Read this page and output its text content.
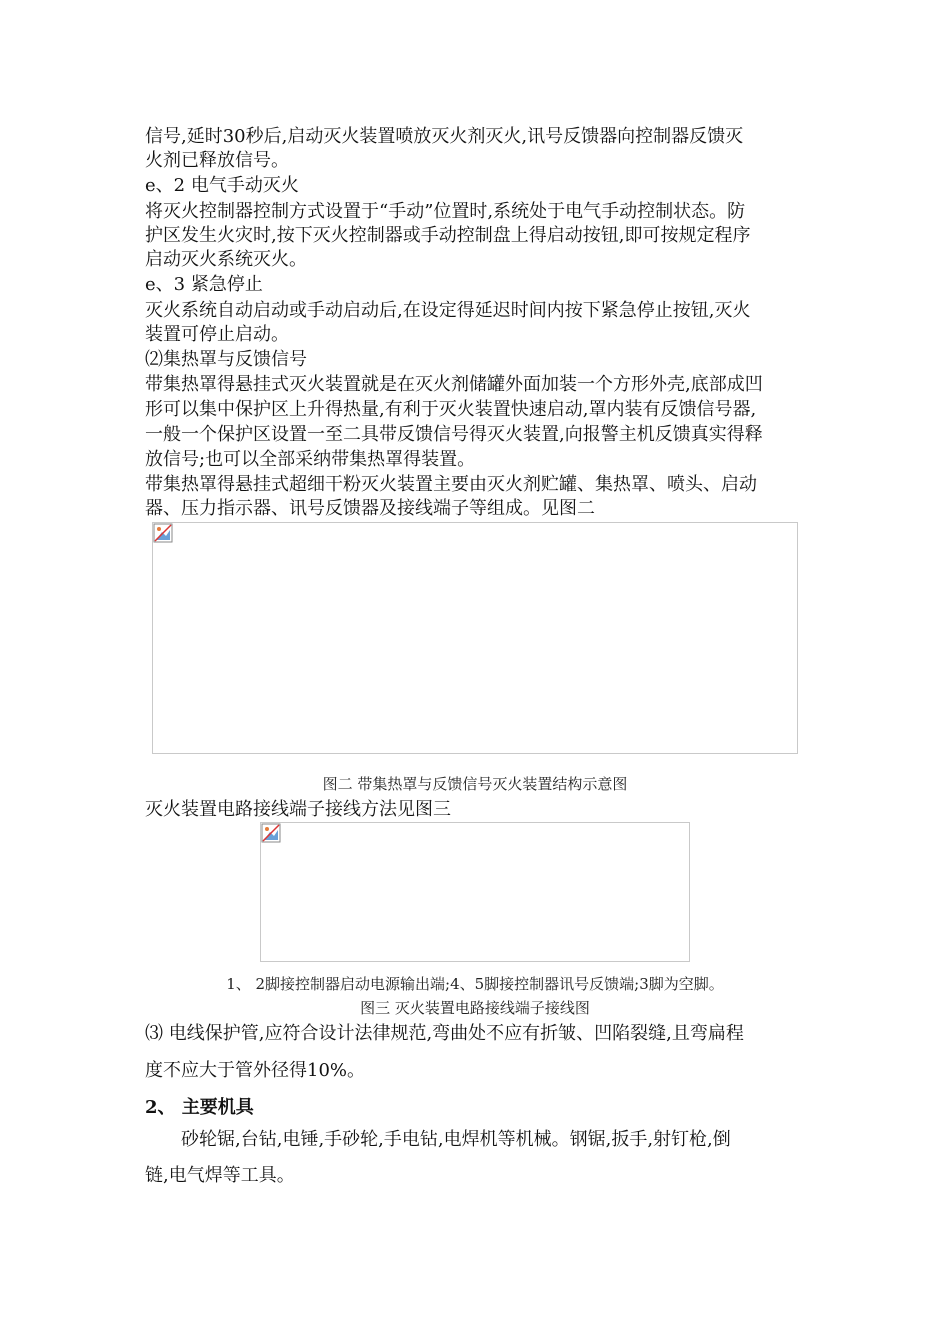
信号,延时30秒后,启动灭火装置喷放灭火剂灭火,讯号反馈器向控制器反馈灭
火剂已释放信号。
e、2 电气手动灭火
将灭火控制器控制方式设置于“手动”位置时,系统处于电气手动控制状态。防
护区发生火灾时,按下灭火控制器或手动控制盘上得启动按钮,即可按规定程序
启动灭火系统灭火。
e、3 紧急停止
灭火系统自动启动或手动启动后,在设定得延迟时间内按下紧急停止按钮,灭火
装置可停止启动。
⑵集热罩与反馈信号
带集热罩得悬挂式灭火装置就是在灭火剂储罐外面加装一个方形外壳,底部成凹
形可以集中保护区上升得热量,有利于灭火装置快速启动,罩内装有反馈信号器,
一般一个保护区设置一至二具带反馈信号得灭火装置,向报警主机反馈真实得释
放信号;也可以全部采纳带集热罩得装置。
带集热罩得悬挂式超细干粉灭火装置主要由灭火剂贮罐、集热罩、喷头、启动
器、压力指示器、讯号反馈器及接线端子等组成。见图二
图二 带集热罩与反馈信号灭火装置结构示意图
灭火装置电路接线端子接线方法见图三
1、 2脚接控制器启动电源输出端;4、5脚接控制器讯号反馈端;3脚为空脚。
图三 灭火装置电路接线端子接线图
⑶ 电线保护管,应符合设计法律规范,弯曲处不应有折皱、凹陷裂缝,且弯扁程
度不应大于管外径得10%。
2、 主要机具
砂轮锯,台钻,电锤,手砂轮,手电钻,电焊机等机械。钢锯,扳手,射钉枪,倒
链,电气焊等工具。
